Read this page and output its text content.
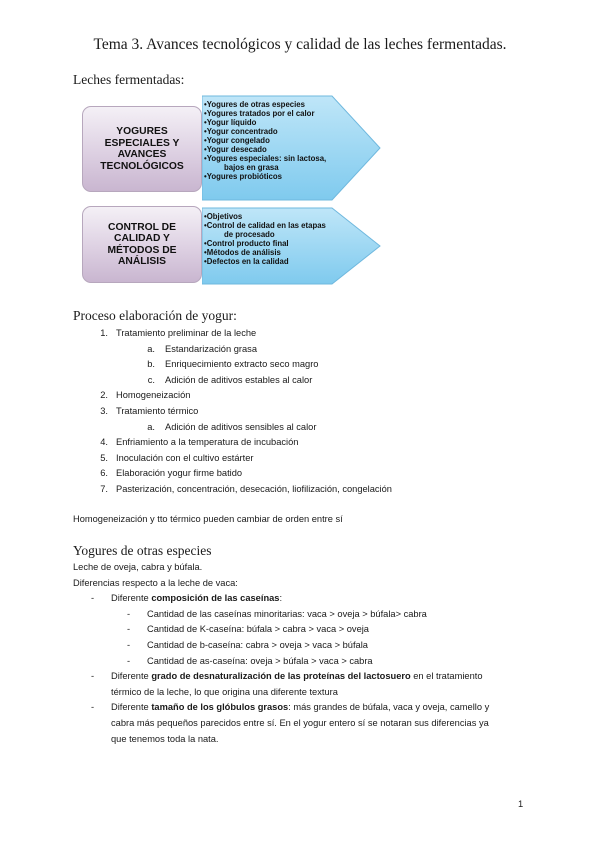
Tema 3. Avances tecnológicos y calidad de las leches fermentadas.
Leches fermentadas:
YOGURES
ESPECIALES Y
AVANCES
TECNOLÓGICOS
• Yogures de otras especies
• Yogures tratados por el calor
• Yogur líquido
• Yogur concentrado
• Yogur congelado
• Yogur desecado
• Yogures especiales: sin lactosa,
bajos en grasa
• Yogures probióticos
CONTROL DE
CALIDAD Y
MÉTODOS DE
ANÁLISIS
• Objetivos
• Control de calidad en las etapas
de procesado
• Control producto final
• Métodos de análisis
• Defectos en la calidad
Proceso elaboración de yogur:
1. Tratamiento preliminar de la leche
a. Estandarización grasa
b. Enriquecimiento extracto seco magro
c. Adición de aditivos estables al calor
2. Homogeneización
3. Tratamiento térmico
a. Adición de aditivos sensibles al calor
4. Enfriamiento a la temperatura de incubación
5. Inoculación con el cultivo estárter
6. Elaboración yogur firme batido
7. Pasterización, concentración, desecación, liofilización, congelación
Homogeneización y tto térmico pueden cambiar de orden entre sí
Yogures de otras especies
Leche de oveja, cabra y búfala.
Diferencias respecto a la leche de vaca:
- Diferente composición de las caseínas:
- Cantidad de las caseínas minoritarias: vaca > oveja > búfala> cabra
- Cantidad de K-caseína: búfala > cabra > vaca > oveja
- Cantidad de b-caseína: cabra > oveja > vaca > búfala
- Cantidad de as-caseína: oveja > búfala > vaca > cabra
- Diferente grado de desnaturalización de las proteínas del lactosuero en el tratamiento
térmico de la leche, lo que origina una diferente textura
- Diferente tamaño de los glóbulos grasos: más grandes de búfala, vaca y oveja, camello y
cabra más pequeños parecidos entre sí. En el yogur entero sí se notaran sus diferencias ya
que tenemos toda la nata.
1
